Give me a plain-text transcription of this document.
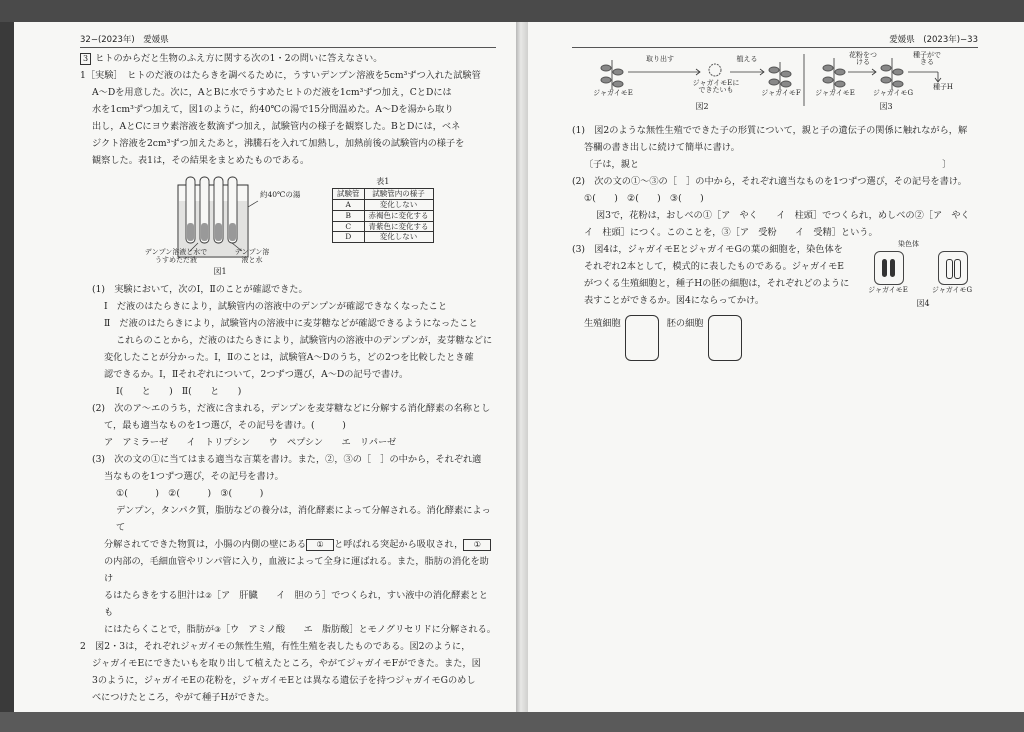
32−(2023年)　 愛媛県

3 ヒトのからだと生物のふえ方に関する次の1・2の問いに答えなさい。

1［実験］　ヒトのだ液のはたらきを調べるために，うすいデンプン溶液を5cm³ずつ入れた試験管

A～Dを用意した。次に，AとBに水でうすめたヒトのだ液を1cm³ずつ加え，CとDには

水を1cm³ずつ加えて，図1のように，約40℃の湯で15分間温めた。A～Dを湯から取り

出し，AとCにヨウ素溶液を数滴ずつ加え，試験管内の様子を観察した。BとDには，ベネ

ジクト溶液を2cm³ずつ加えたあと，沸騰石を入れて加熱し，加熱前後の試験管内の様子を

観察した。表1は，その結果をまとめたものである。

約40℃の湯
デンプン溶液と水でうすめただ液
デンプン溶液と水
図1
表1
試験管	試験管内の様子
A	変化しない
B	赤褐色に変化する
C	青紫色に変化する
D	変化しない

(1)　実験において，次のⅠ，Ⅱのことが確認できた。

Ⅰ　だ液のはたらきにより，試験管内の溶液中のデンプンが確認できなくなったこと

Ⅱ　だ液のはたらきにより，試験管内の溶液中に麦芽糖などが確認できるようになったこと

これらのことから，だ液のはたらきにより，試験管内の溶液中のデンプンが，麦芽糖などに

変化したことが分かった。Ⅰ，Ⅱのことは，試験管A～Dのうち，どの2つを比較したとき確

認できるか。Ⅰ，Ⅱそれぞれについて，2つずつ選び，A～Dの記号で書け。

Ⅰ(　　と　　)　Ⅱ(　　と　　)

(2)　次のア～エのうち，だ液に含まれる，デンプンを麦芽糖などに分解する消化酵素の名称とし

て，最も適当なものを1つ選び，その記号を書け。(　　　)

ア　アミラーゼ　　イ　トリプシン　　ウ　ペプシン　　エ　リパーゼ

(3)　次の文の①に当てはまる適当な言葉を書け。また，②，③の［　］の中から，それぞれ適

当なものを1つずつ選び，その記号を書け。

①(　　　)　②(　　　)　③(　　　)

デンプン，タンパク質，脂肪などの養分は，消化酵素によって分解される。消化酵素によって

分解されてできた物質は，小腸の内側の壁にある ① と呼ばれる突起から吸収され， ①

の内部の，毛細血管やリンパ管に入り，血液によって全身に運ばれる。また，脂肪の消化を助け

るはたらきをする胆汁は②［ア　肝臓　　イ　胆のう］でつくられ，すい液中の消化酵素ととも

にはたらくことで，脂肪が③［ウ　アミノ酸　　エ　脂肪酸］とモノグリセリドに分解される。

2　図2・3は，それぞれジャガイモの無性生殖，有性生殖を表したものである。図2のように，

ジャガイモEにできたいもを取り出して植えたところ，やがてジャガイモFができた。また，図

3のように，ジャガイモEの花粉を，ジャガイモEとは異なる遺伝子を持つジャガイモGのめし

べにつけたところ，やがて種子Hができた。

愛媛県　 (2023年)−33
ジャガイモE
取り出す
ジャガイモEにできたいも
植える
ジャガイモF
図2
ジャガイモE
花粉をつける
ジャガイモG
種子ができる
種子H
図3

(1)　図2のような無性生殖でできた子の形質について，親と子の遺伝子の関係に触れながら，解

答欄の書き出しに続けて簡単に書け。

〔子は，親と　　　　　　　　　　　　　　　　　　　　　　　　　　　　　　　　　〕

(2)　次の文の①～③の［　］の中から，それぞれ適当なものを1つずつ選び，その記号を書け。

①(　　)　②(　　)　③(　　)

図3で，花粉は，おしべの①［ア　やく　　イ　柱頭］でつくられ，めしべの②［ア　やく

イ　柱頭］につく。このことを，③［ア　受粉　　イ　受精］という。

(3)　図4は，ジャガイモEとジャガイモGの葉の細胞を，染色体を

それぞれ2本として，模式的に表したものである。ジャガイモE

がつくる生殖細胞と，種子Hの胚の細胞は，それぞれどのように

表すことができるか。図4にならってかけ。

染色体
ジャガイモE	ジャガイモG
図4
生殖細胞	胚の細胞
